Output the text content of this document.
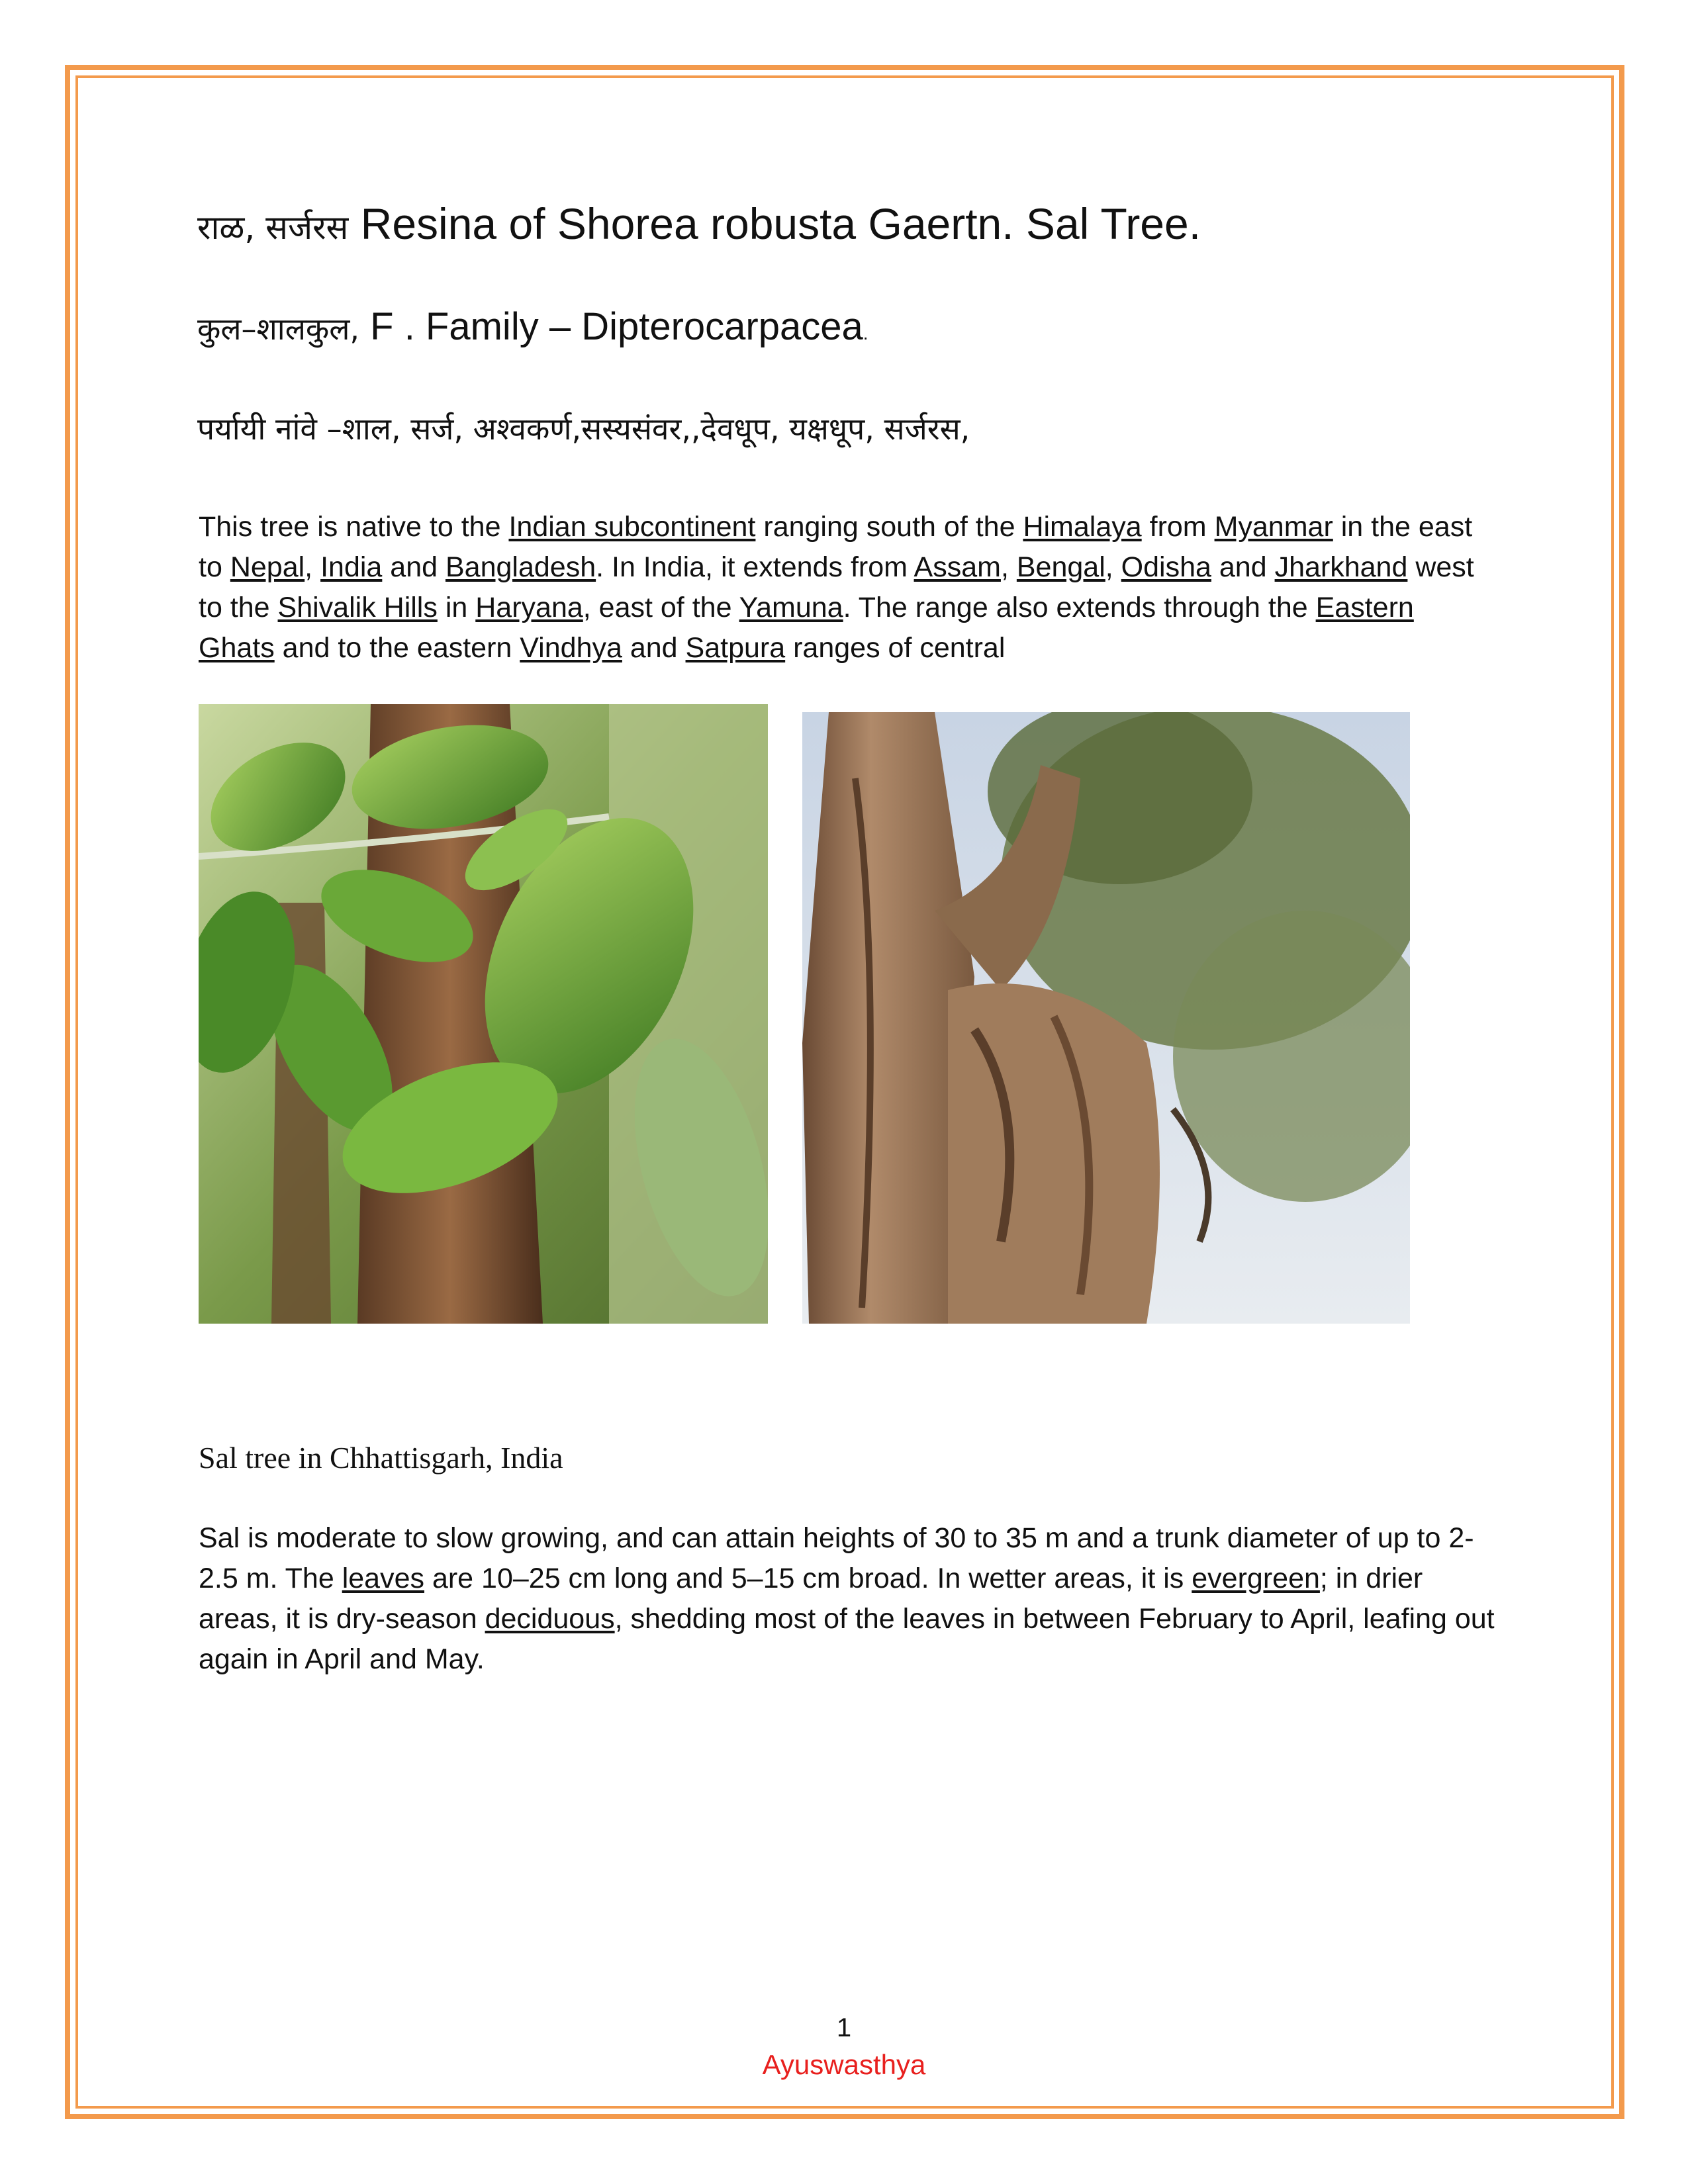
राळ, सर्जरस Resina of Shorea robusta Gaertn. Sal Tree.
कुल–शालकुल, F . Family – Dipterocarpacea.
पर्यायी नांवे –शाल, सर्ज, अश्वकर्ण,सस्यसंवर,,देवधूप, यक्षधूप, सर्जरस,
This tree is native to the Indian subcontinent ranging south of the Himalaya from Myanmar in the east to Nepal, India and Bangladesh. In India, it extends from Assam, Bengal, Odisha and Jharkhand west to the Shivalik Hills in Haryana, east of the Yamuna. The range also extends through the Eastern Ghats and to the eastern Vindhya and Satpura ranges of central
Sal tree in Chhattisgarh, India
Sal is moderate to slow growing, and can attain heights of 30 to 35 m and a trunk diameter of up to 2-2.5 m. The leaves are 10–25 cm long and 5–15 cm broad. In wetter areas, it is evergreen; in drier areas, it is dry-season deciduous, shedding most of the leaves in between February to April, leafing out again in April and May.
1
Ayuswasthya
